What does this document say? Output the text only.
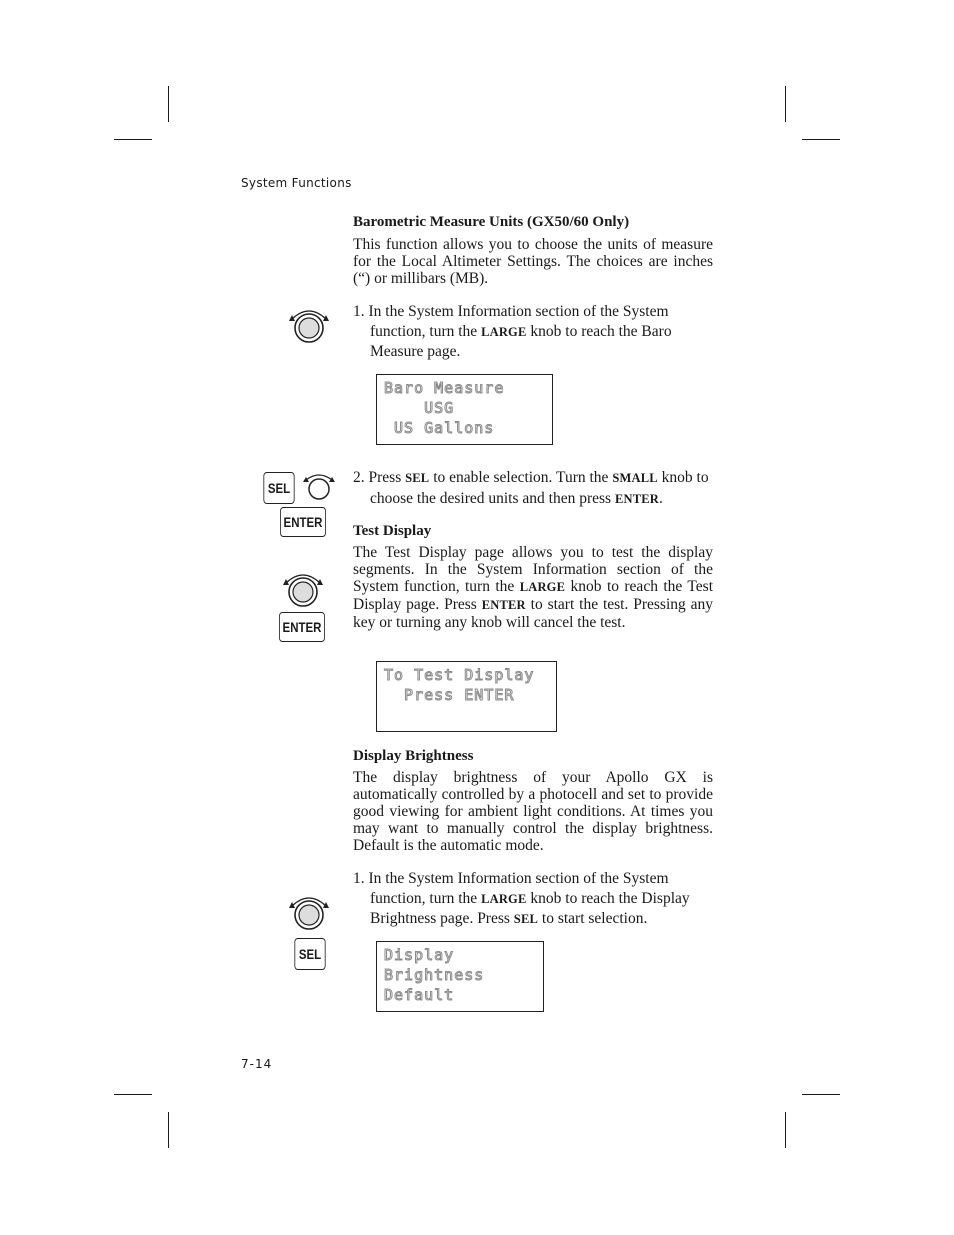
System Functions
Barometric Measure Units (GX50/60 Only)
This function allows you to choose the units of measure for the Local Altimeter Settings. The choices are inches (“) or millibars (MB).
1. In the System Information section of the System function, turn the LARGE knob to reach the Baro Measure page.
Baro Measure
USG
US Gallons
SEL
ENTER
2. Press SEL to enable selection. Turn the SMALL knob to choose the desired units and then press ENTER.
Test Display
The Test Display page allows you to test the display segments. In the System Information section of the System function, turn the LARGE knob to reach the Test Display page. Press ENTER to start the test. Pressing any key or turning any knob will cancel the test.
ENTER
To Test Display
Press ENTER
Display Brightness
The display brightness of your Apollo GX is automatically controlled by a photocell and set to provide good viewing for ambient light conditions. At times you may want to manually control the display brightness. Default is the automatic mode.
1. In the System Information section of the System function, turn the LARGE knob to reach the Display Brightness page. Press SEL to start selection.
SEL	Display
Brightness
Default
7-14
